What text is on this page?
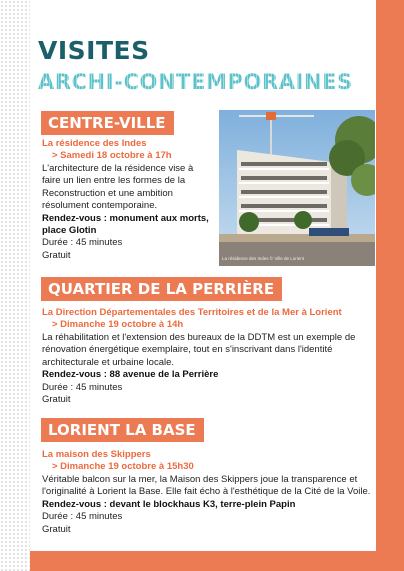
VISITES
ARCHI-CONTEMPORAINES
CENTRE-VILLE
La résidence des Indes
> Samedi 18 octobre à 17h
L'architecture de la résidence vise à
faire un lien entre les formes de la
Reconstruction et une ambition
résolument contemporaine.
Rendez-vous : monument aux morts,
place Glotin
Durée : 45 minutes
Gratuit	La résidence des Indes © Ville de Lorient
QUARTIER DE LA PERRIÈRE
La Direction Départementales des Territoires et de la Mer à Lorient
> Dimanche 19 octobre à 14h
La réhabilitation et l'extension des bureaux de la DDTM est un exemple de
rénovation énergétique exemplaire, tout en s'inscrivant dans l'identité
architecturale et urbaine locale.
Rendez-vous : 88 avenue de la Perrière
Durée : 45 minutes
Gratuit
LORIENT LA BASE
La maison des Skippers
> Dimanche 19 octobre à 15h30
Véritable balcon sur la mer, la Maison des Skippers joue la transparence et
l'originalité à Lorient la Base. Elle fait écho à l'esthétique de la Cité de la Voile.
Rendez-vous : devant le blockhaus K3, terre-plein Papin
Durée : 45 minutes
Gratuit
